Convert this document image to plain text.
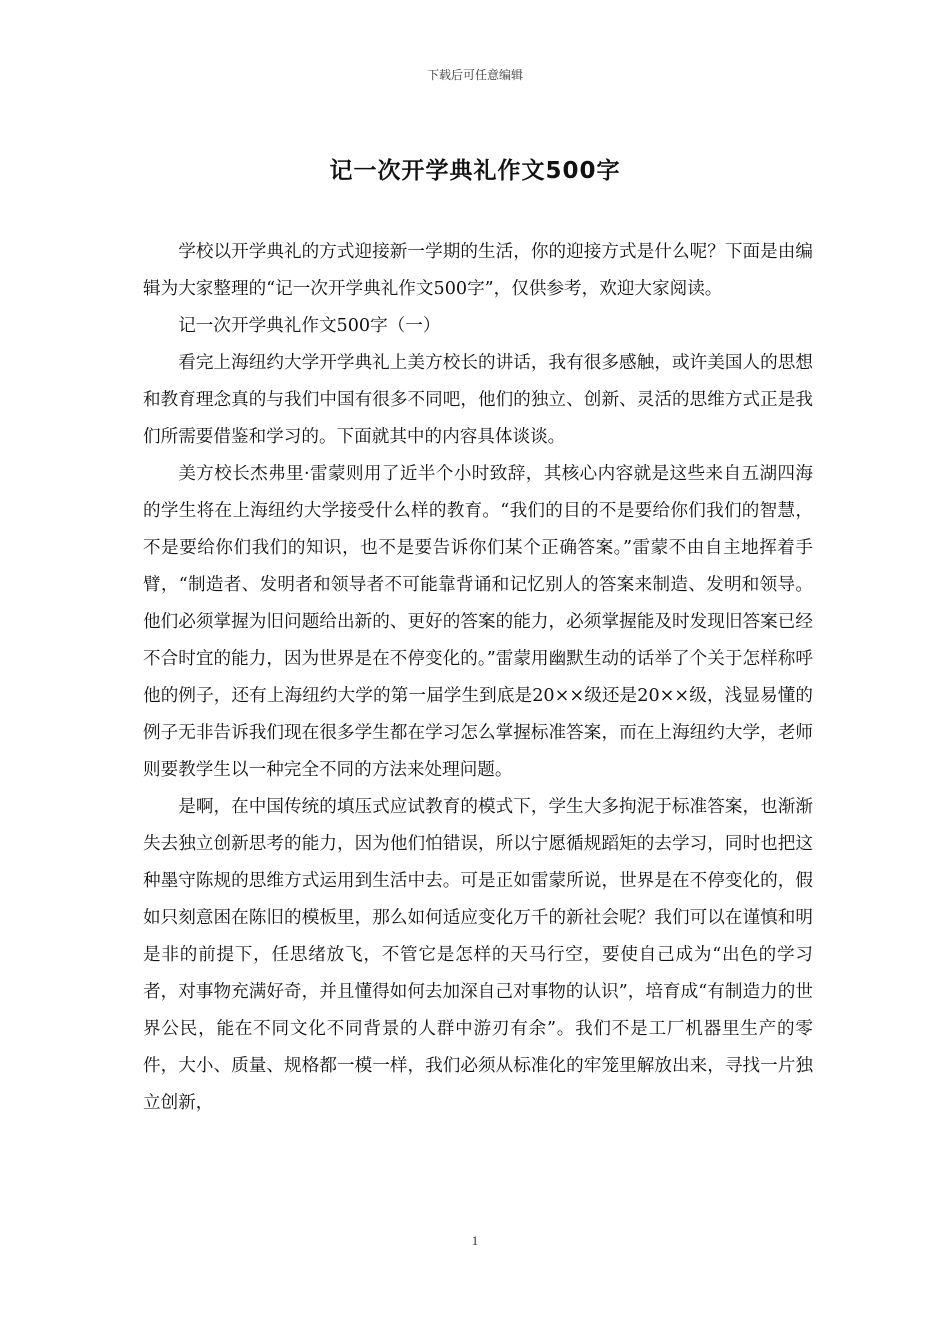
下载后可任意编辑
记一次开学典礼作文500字

学校以开学典礼的方式迎接新一学期的生活，你的迎接方式是什么呢？下面是由编辑为大家整理的“记一次开学典礼作文500字”，仅供参考，欢迎大家阅读。

记一次开学典礼作文500字（一）

看完上海纽约大学开学典礼上美方校长的讲话，我有很多感触，或许美国人的思想和教育理念真的与我们中国有很多不同吧，他们的独立、创新、灵活的思维方式正是我们所需要借鉴和学习的。下面就其中的内容具体谈谈。

美方校长杰弗里·雷蒙则用了近半个小时致辞，其核心内容就是这些来自五湖四海的学生将在上海纽约大学接受什么样的教育。“我们的目的不是要给你们我们的智慧，不是要给你们我们的知识，也不是要告诉你们某个正确答案。”雷蒙不由自主地挥着手臂，“制造者、发明者和领导者不可能靠背诵和记忆别人的答案来制造、发明和领导。他们必须掌握为旧问题给出新的、更好的答案的能力，必须掌握能及时发现旧答案已经不合时宜的能力，因为世界是在不停变化的。”雷蒙用幽默生动的话举了个关于怎样称呼他的例子，还有上海纽约大学的第一届学生到底是20××级还是20××级，浅显易懂的例子无非告诉我们现在很多学生都在学习怎么掌握标准答案，而在上海纽约大学，老师则要教学生以一种完全不同的方法来处理问题。

是啊，在中国传统的填压式应试教育的模式下，学生大多拘泥于标准答案，也渐渐失去独立创新思考的能力，因为他们怕错误，所以宁愿循规蹈矩的去学习，同时也把这种墨守陈规的思维方式运用到生活中去。可是正如雷蒙所说，世界是在不停变化的，假如只刻意困在陈旧的模板里，那么如何适应变化万千的新社会呢？我们可以在谨慎和明是非的前提下，任思绪放飞，不管它是怎样的天马行空，要使自己成为“出色的学习者，对事物充满好奇，并且懂得如何去加深自己对事物的认识”，培育成“有制造力的世界公民，能在不同文化不同背景的人群中游刃有余”。我们不是工厂机器里生产的零件，大小、质量、规格都一模一样，我们必须从标准化的牢笼里解放出来，寻找一片独立创新，

1
